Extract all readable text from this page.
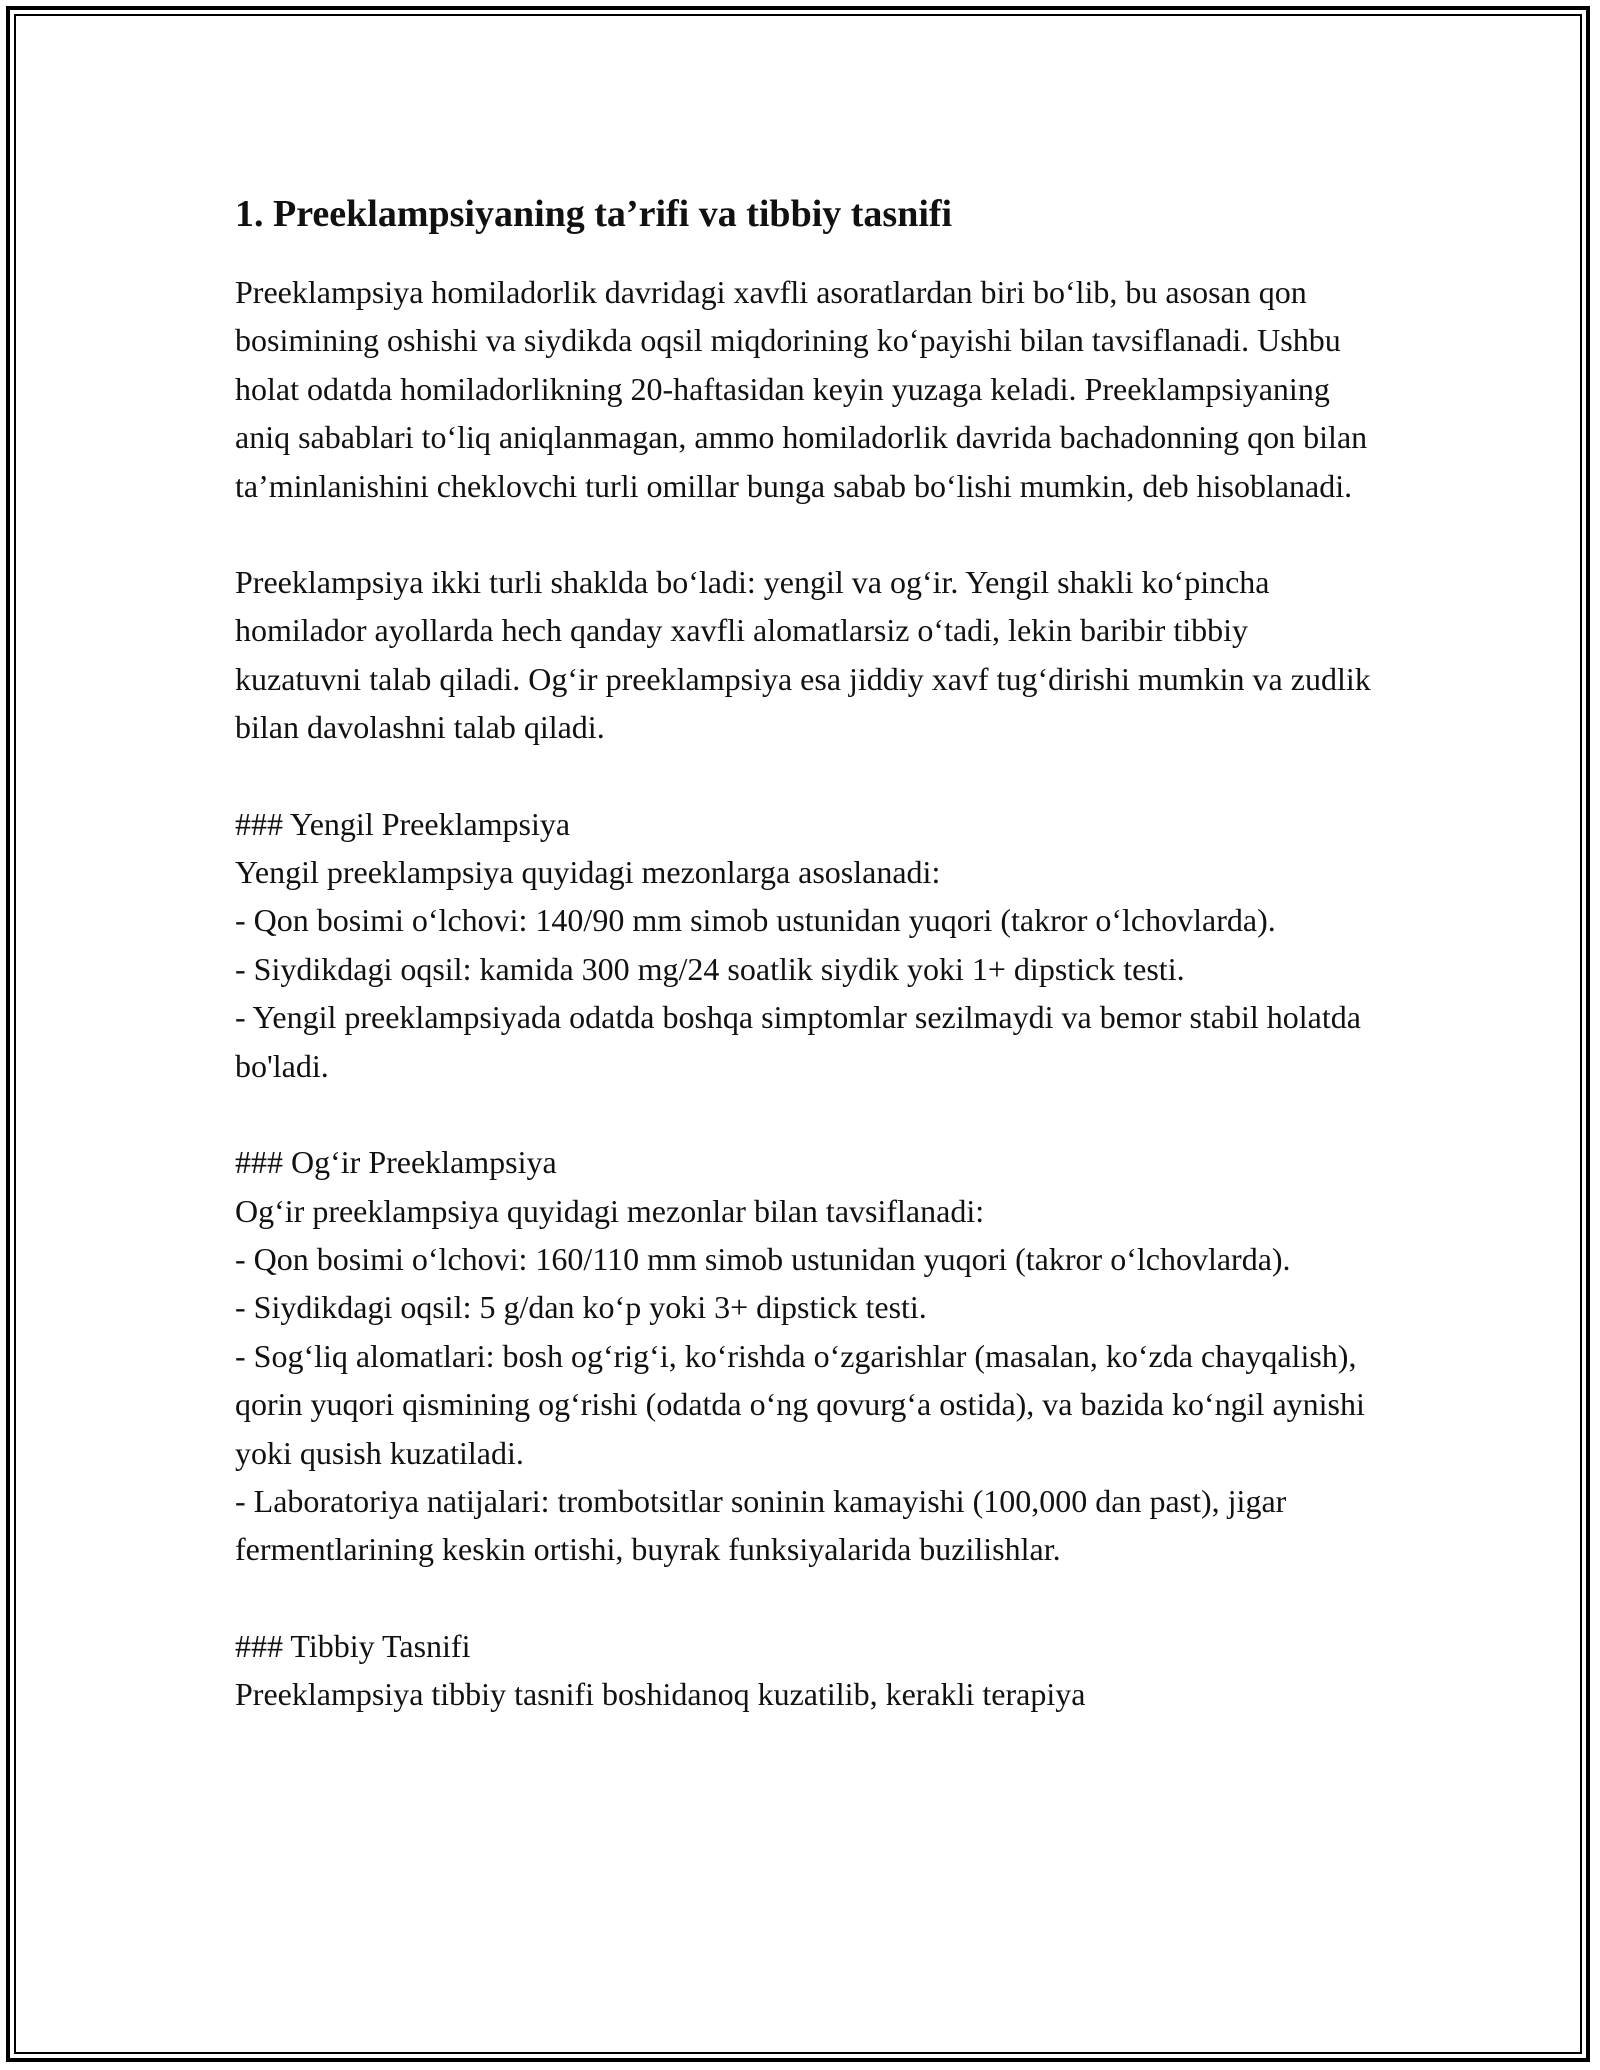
1. Preeklampsiyaning ta’rifi va tibbiy tasnifi

Preeklampsiya homiladorlik davridagi xavfli asoratlardan biri bo‘lib, bu asosan qon bosimining oshishi va siydikda oqsil miqdorining ko‘payishi bilan tavsiflanadi. Ushbu holat odatda homiladorlikning 20-haftasidan keyin yuzaga keladi. Preeklampsiyaning aniq sabablari to‘liq aniqlanmagan, ammo homiladorlik davrida bachadonning qon bilan ta’minlanishini cheklovchi turli omillar bunga sabab bo‘lishi mumkin, deb hisoblanadi.

Preeklampsiya ikki turli shaklda bo‘ladi: yengil va og‘ir. Yengil shakli ko‘pincha homilador ayollarda hech qanday xavfli alomatlarsiz o‘tadi, lekin baribir tibbiy kuzatuvni talab qiladi. Og‘ir preeklampsiya esa jiddiy xavf tug‘dirishi mumkin va zudlik bilan davolashni talab qiladi.

### Yengil Preeklampsiya

Yengil preeklampsiya quyidagi mezonlarga asoslanadi:

- Qon bosimi o‘lchovi: 140/90 mm simob ustunidan yuqori (takror o‘lchovlarda).

- Siydikdagi oqsil: kamida 300 mg/24 soatlik siydik yoki 1+ dipstick testi.

- Yengil preeklampsiyada odatda boshqa simptomlar sezilmaydi va bemor stabil holatda bo'ladi.

### Og‘ir Preeklampsiya

Og‘ir preeklampsiya quyidagi mezonlar bilan tavsiflanadi:

- Qon bosimi o‘lchovi: 160/110 mm simob ustunidan yuqori (takror o‘lchovlarda).

- Siydikdagi oqsil: 5 g/dan ko‘p yoki 3+ dipstick testi.

- Sog‘liq alomatlari: bosh og‘rig‘i, ko‘rishda o‘zgarishlar (masalan, ko‘zda chayqalish), qorin yuqori qismining og‘rishi (odatda o‘ng qovurg‘a ostida), va bazida ko‘ngil aynishi yoki qusish kuzatiladi.

- Laboratoriya natijalari: trombotsitlar soninin kamayishi (100,000 dan past), jigar fermentlarining keskin ortishi, buyrak funksiyalarida buzilishlar.

### Tibbiy Tasnifi

Preeklampsiya tibbiy tasnifi boshidanoq kuzatilib, kerakli terapiya
